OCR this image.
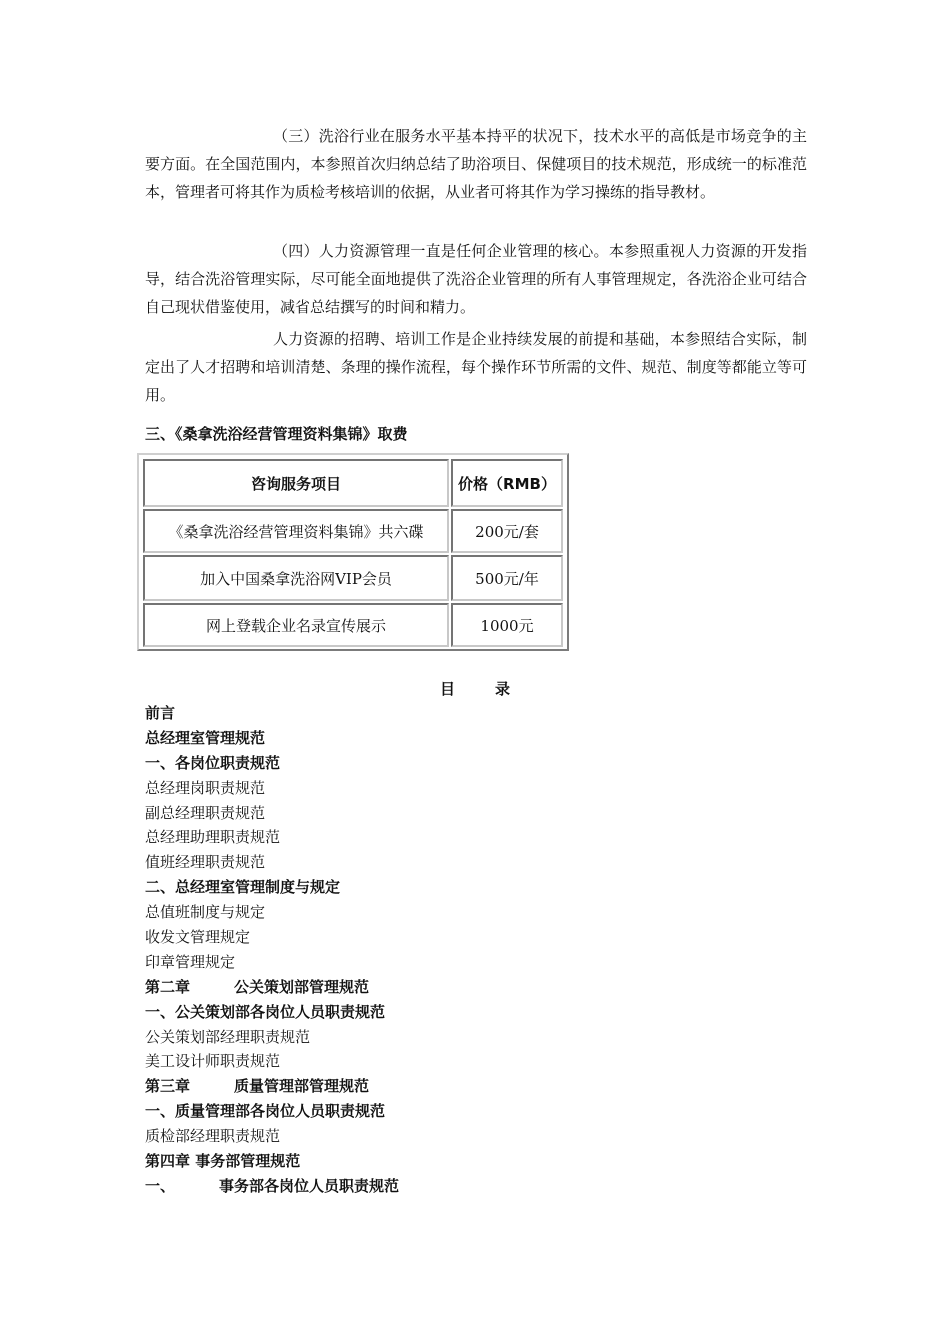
（三）洗浴行业在服务水平基本持平的状况下，技术水平的高低是市场竞争的主要方面。在全国范围内，本参照首次归纳总结了助浴项目、保健项目的技术规范，形成统一的标准范本，管理者可将其作为质检考核培训的依据，从业者可将其作为学习操练的指导教材。

（四）人力资源管理一直是任何企业管理的核心。本参照重视人力资源的开发指导，结合洗浴管理实际，尽可能全面地提供了洗浴企业管理的所有人事管理规定，各洗浴企业可结合自己现状借鉴使用，减省总结撰写的时间和精力。

人力资源的招聘、培训工作是企业持续发展的前提和基础，本参照结合实际，制定出了人才招聘和培训清楚、条理的操作流程，每个操作环节所需的文件、规范、制度等都能立等可用。

三、《桑拿洗浴经营管理资料集锦》取费
咨询服务项目	价格（RMB）
《桑拿洗浴经营管理资料集锦》共六碟	200元/套
加入中国桑拿洗浴网VIP会员	500元/年
网上登载企业名录宣传展示	1000元
目	录
前言
总经理室管理规范
一、各岗位职责规范
总经理岗职责规范
副总经理职责规范
总经理助理职责规范
值班经理职责规范
二、总经理室管理制度与规定
总值班制度与规定
收发文管理规定
印章管理规定
第二章	公关策划部管理规范
一、公关策划部各岗位人员职责规范
公关策划部经理职责规范
美工设计师职责规范
第三章	质量管理部管理规范
一、质量管理部各岗位人员职责规范
质检部经理职责规范
第四章 事务部管理规范
一、	事务部各岗位人员职责规范
